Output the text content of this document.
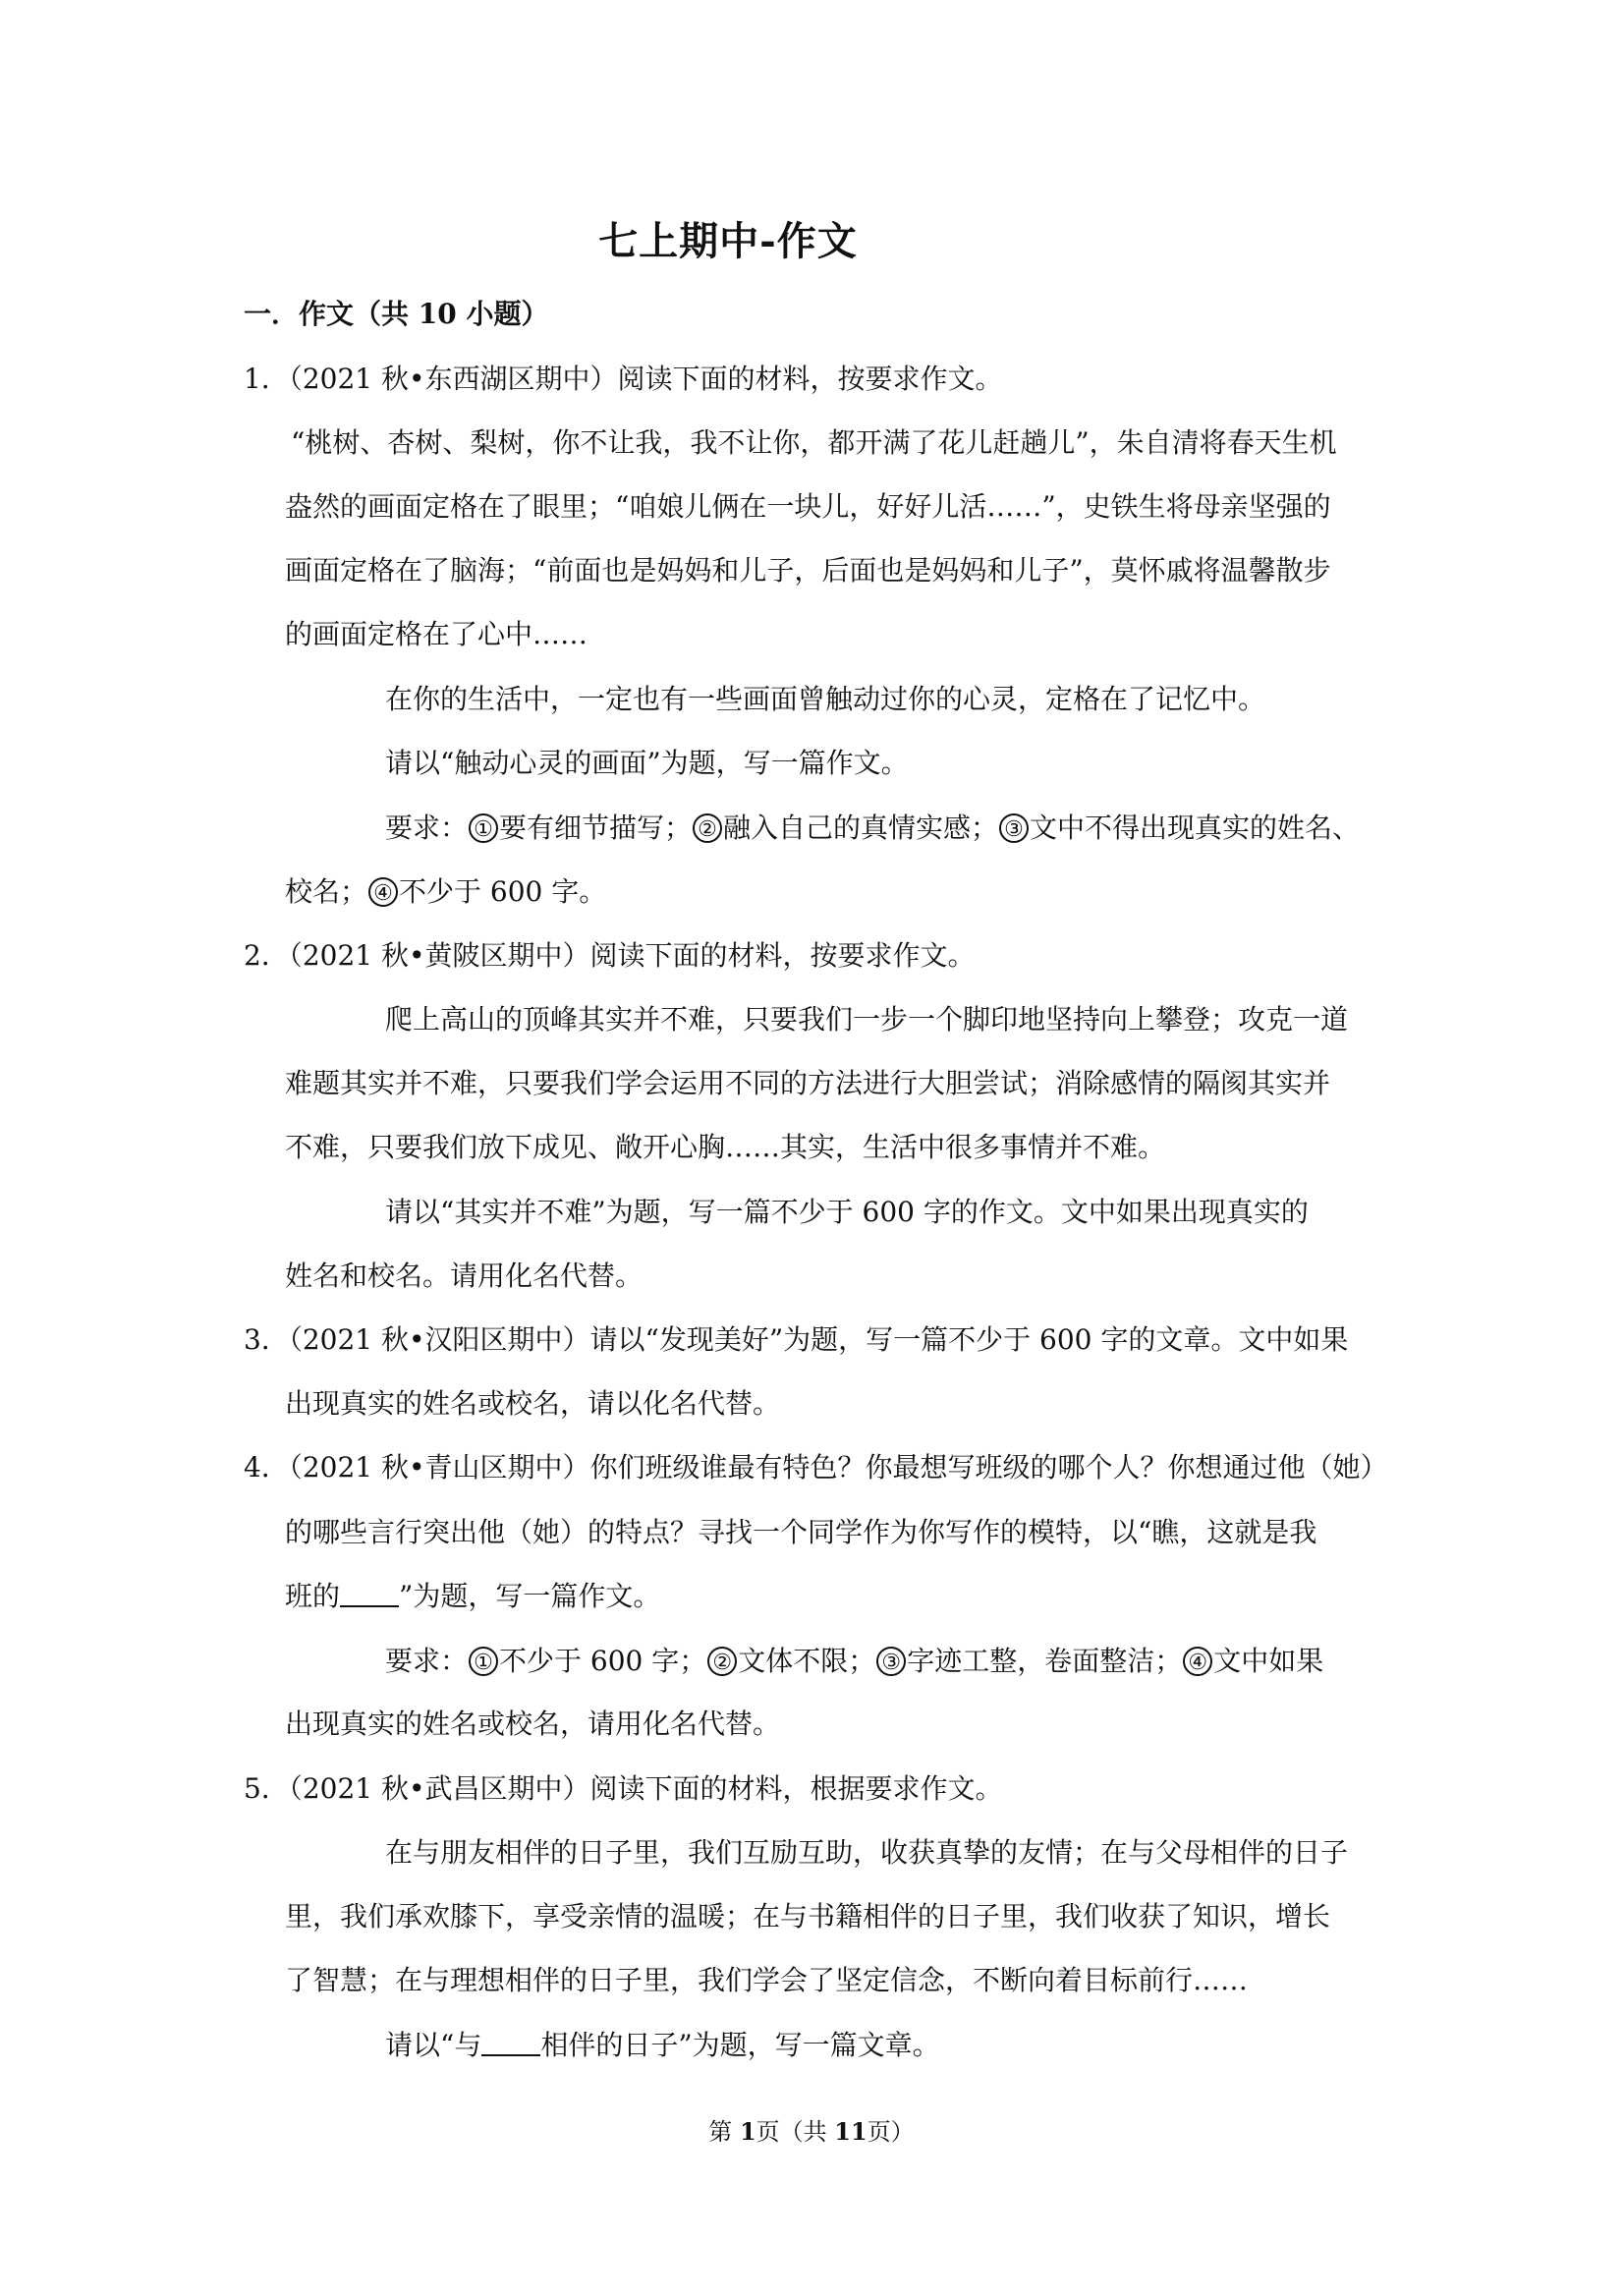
七上期中-作文
一．作文（共 10 小题）
1．（2021 秋•东西湖区期中）阅读下面的材料，按要求作文。
“桃树、杏树、梨树，你不让我，我不让你，都开满了花儿赶趟儿”，朱自清将春天生机
盎然的画面定格在了眼里；“咱娘儿俩在一块儿，好好儿活……”，史铁生将母亲坚强的
画面定格在了脑海；“前面也是妈妈和儿子，后面也是妈妈和儿子”，莫怀戚将温馨散步
的画面定格在了心中……
在你的生活中，一定也有一些画面曾触动过你的心灵，定格在了记忆中。
请以“触动心灵的画面”为题，写一篇作文。
要求： ① 要有细节描写； ② 融入自己的真情实感； ③ 文中不得出现真实的姓名、
校名； ④ 不少于 600 字。
2．（2021 秋•黄陂区期中）阅读下面的材料，按要求作文。
爬上高山的顶峰其实并不难，只要我们一步一个脚印地坚持向上攀登；攻克一道
难题其实并不难，只要我们学会运用不同的方法进行大胆尝试；消除感情的隔阂其实并
不难，只要我们放下成见、敞开心胸……其实，生活中很多事情并不难。
请以“其实并不难”为题，写一篇不少于 600 字的作文。文中如果出现真实的
姓名和校名。请用化名代替。
3．（2021 秋•汉阳区期中）请以“发现美好”为题，写一篇不少于 600 字的文章。文中如果
出现真实的姓名或校名，请以化名代替。
4．（2021 秋•青山区期中）你们班级谁最有特色？你最想写班级的哪个人？你想通过他（她）
的哪些言行突出他（她）的特点？寻找一个同学作为你写作的模特，以“瞧，这就是我
班的 ”为题，写一篇作文。
要求： ① 不少于 600 字； ② 文体不限； ③ 字迹工整，卷面整洁； ④ 文中如果
出现真实的姓名或校名，请用化名代替。
5．（2021 秋•武昌区期中）阅读下面的材料，根据要求作文。
在与朋友相伴的日子里，我们互励互助，收获真挚的友情；在与父母相伴的日子
里，我们承欢膝下，享受亲情的温暖；在与书籍相伴的日子里，我们收获了知识，增长
了智慧；在与理想相伴的日子里，我们学会了坚定信念，不断向着目标前行……
请以“与 相伴的日子”为题，写一篇文章。
第 1页（共 11页）
